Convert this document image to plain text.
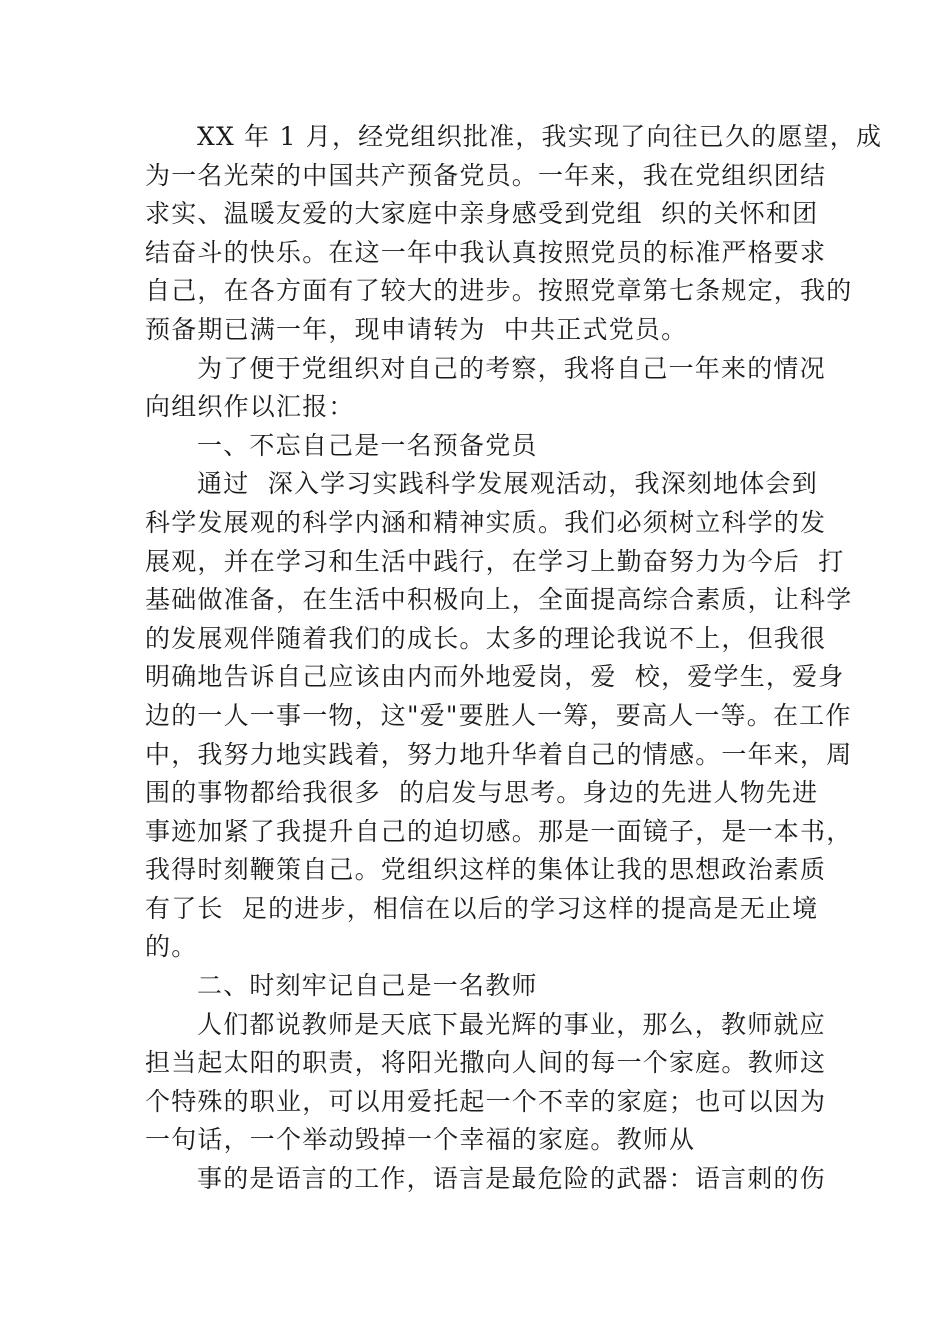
XX 年 1 月，经党组织批准，我实现了向往已久的愿望，成
为一名光荣的中国共产预备党员。一年来，我在党组织团结
求实、温暖友爱的大家庭中亲身感受到党组  织的关怀和团
结奋斗的快乐。在这一年中我认真按照党员的标准严格要求
自己，在各方面有了较大的进步。按照党章第七条规定，我的
预备期已满一年，现申请转为  中共正式党员。
为了便于党组织对自己的考察，我将自己一年来的情况
向组织作以汇报：
一、不忘自己是一名预备党员
通过  深入学习实践科学发展观活动，我深刻地体会到
科学发展观的科学内涵和精神实质。我们必须树立科学的发
展观，并在学习和生活中践行，在学习上勤奋努力为今后  打
基础做准备，在生活中积极向上，全面提高综合素质，让科学
的发展观伴随着我们的成长。太多的理论我说不上，但我很
明确地告诉自己应该由内而外地爱岗，爱  校，爱学生，爱身
边的一人一事一物，这"爱"要胜人一筹，要高人一等。在工作
中，我努力地实践着，努力地升华着自己的情感。一年来，周
围的事物都给我很多  的启发与思考。身边的先进人物先进
事迹加紧了我提升自己的迫切感。那是一面镜子，是一本书，
我得时刻鞭策自己。党组织这样的集体让我的思想政治素质
有了长  足的进步，相信在以后的学习这样的提高是无止境
的。
二、时刻牢记自己是一名教师
人们都说教师是天底下最光辉的事业，那么，教师就应
担当起太阳的职责，将阳光撒向人间的每一个家庭。教师这
个特殊的职业，可以用爱托起一个不幸的家庭；也可以因为
一句话，一个举动毁掉一个幸福的家庭。教师从
事的是语言的工作，语言是最危险的武器：语言刺的伤
